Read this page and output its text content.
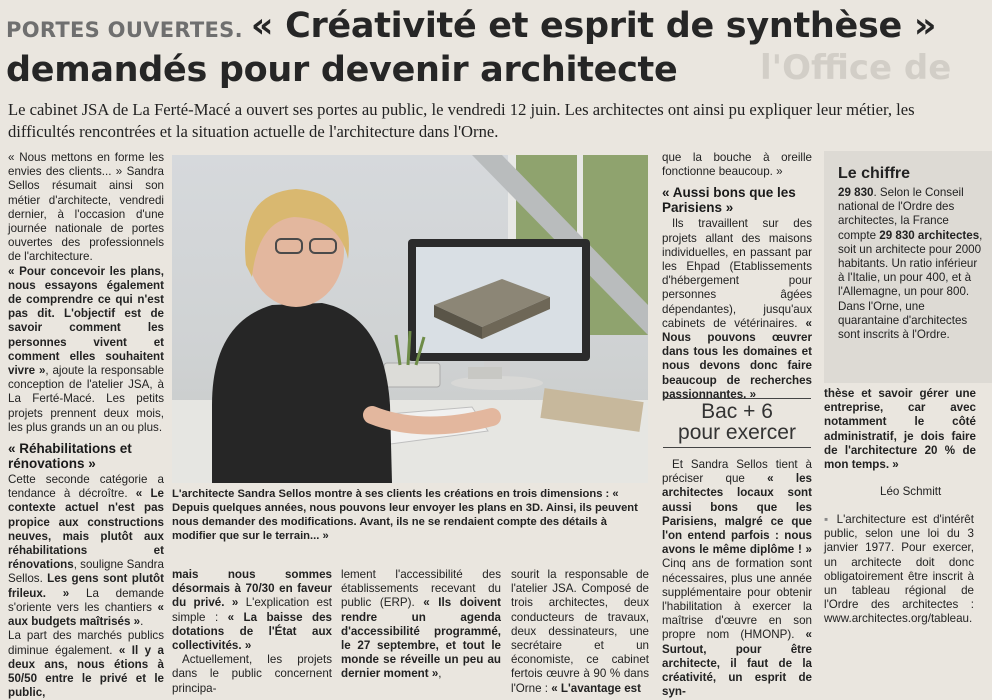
l'Office de
PORTES OUVERTES. « Créativité et esprit de synthèse » demandés pour devenir architecte

Le cabinet JSA de La Ferté-Macé a ouvert ses portes au public, le vendredi 12 juin. Les architectes ont ainsi pu expliquer leur métier, les difficultés rencontrées et la situation actuelle de l'architecture dans l'Orne.

« Nous mettons en forme les envies des clients... » Sandra Sellos résumait ainsi son métier d'architecte, vendredi dernier, à l'occasion d'une journée nationale de portes ouvertes des professionnels de l'architecture.

« Pour concevoir les plans, nous essayons également de comprendre ce qui n'est pas dit. L'objectif est de savoir comment les personnes vivent et comment elles souhaitent vivre », ajoute la responsable conception de l'atelier JSA, à La Ferté-Macé. Les petits projets prennent deux mois, les plus grands un an ou plus.

« Réhabilitations et rénovations »

Cette seconde catégorie a tendance à décroître. « Le contexte actuel n'est pas propice aux constructions neuves, mais plutôt aux réhabilitations et rénovations, souligne Sandra Sellos. Les gens sont plutôt frileux. » La demande s'oriente vers les chantiers « aux budgets maîtrisés ».

La part des marchés publics diminue également. « Il y a deux ans, nous étions à 50/50 entre le privé et le public,

L'architecte Sandra Sellos montre à ses clients les créations en trois dimensions : « Depuis quelques années, nous pouvons leur envoyer les plans en 3D. Ainsi, ils peuvent nous demander des modifications. Avant, ils ne se rendaient compte des détails à modifier que sur le terrain... »

mais nous sommes désormais à 70/30 en faveur du privé. » L'explication est simple : « La baisse des dotations de l'État aux collectivités. »

Actuellement, les projets dans le public concernent principa-

lement l'accessibilité des établissements recevant du public (ERP). « Ils doivent rendre un agenda d'accessibilité programmé, le 27 septembre, et tout le monde se réveille un peu au dernier moment »,

sourit la responsable de l'atelier JSA. Composé de trois architectes, deux conducteurs de travaux, deux dessinateurs, une secrétaire et un économiste, ce cabinet fertois œuvre à 90 % dans l'Orne : « L'avantage est

que la bouche à oreille fonctionne beaucoup. »

« Aussi bons que les Parisiens »

Ils travaillent sur des projets allant des maisons individuelles, en passant par les Ehpad (Etablissements d'hébergement pour personnes âgées dépendantes), jusqu'aux cabinets de vétérinaires. « Nous pouvons œuvrer dans tous les domaines et nous devons donc faire beaucoup de recherches passionnantes. »

Bac + 6
pour exercer

Et Sandra Sellos tient à préciser que « les architectes locaux sont aussi bons que les Parisiens, malgré ce que l'on entend parfois : nous avons le même diplôme ! » Cinq ans de formation sont nécessaires, plus une année supplémentaire pour obtenir l'habilitation à exercer la maîtrise d'œuvre en son propre nom (HMONP). « Surtout, pour être architecte, il faut de la créativité, un esprit de syn-

Le chiffre

29 830. Selon le Conseil national de l'Ordre des architectes, la France compte 29 830 architectes, soit un architecte pour 2000 habitants. Un ratio inférieur à l'Italie, un pour 400, et à l'Allemagne, un pour 800. Dans l'Orne, une quarantaine d'architectes sont inscrits à l'Ordre.

thèse et savoir gérer une entreprise, car avec notamment le côté administratif, je dois faire de l'architecture 20 % de mon temps. »

Léo Schmitt

▪ L'architecture est d'intérêt public, selon une loi du 3 janvier 1977. Pour exercer, un architecte doit donc obligatoirement être inscrit à un tableau régional de l'Ordre des architectes : www.architectes.org/tableau.
